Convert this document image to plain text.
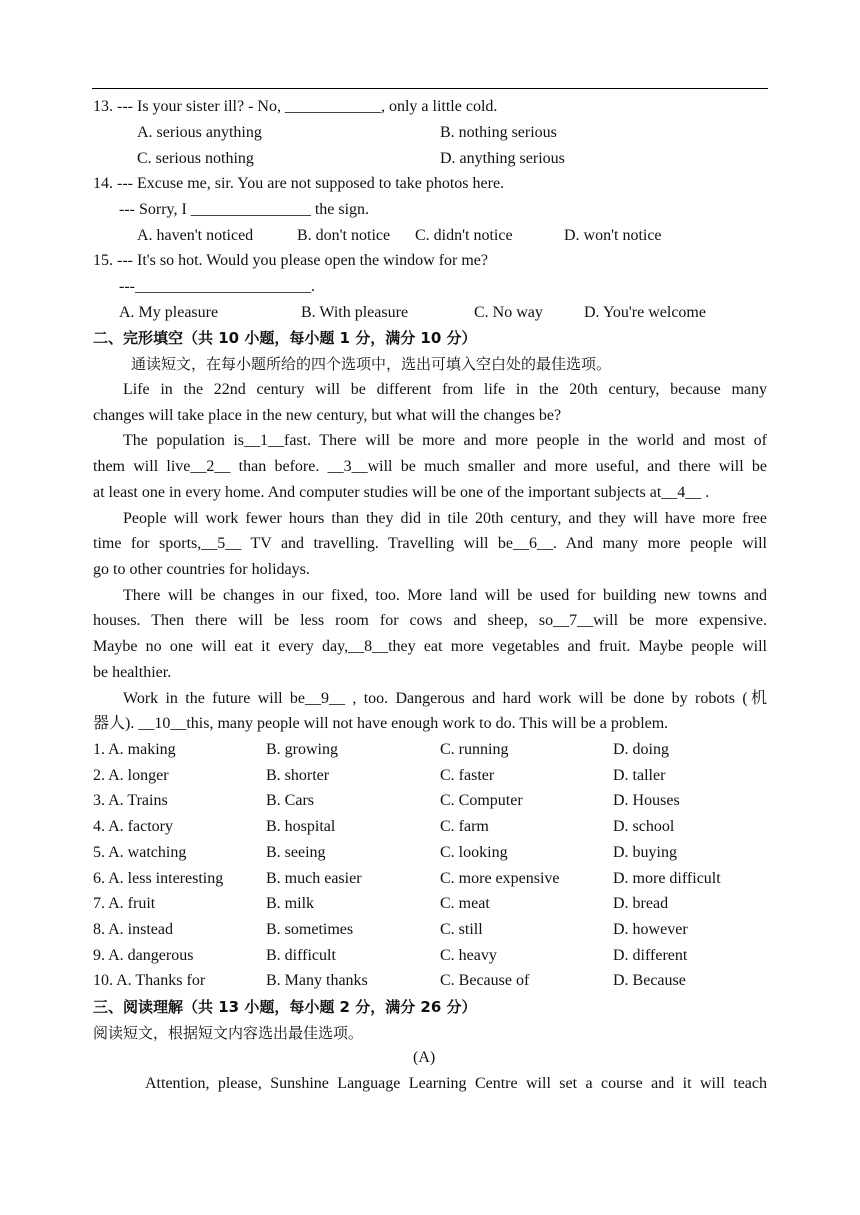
13. --- Is your sister ill? - No, ____________, only a little cold.
A. serious anything	B. nothing serious
C. serious nothing	D. anything serious
14. --- Excuse me, sir. You are not supposed to take photos here.
--- Sorry, I _______________ the sign.
A. haven't noticed	B. don't notice C. didn't notice	D. won't notice
15. --- It's so hot. Would you please open the window for me?
---______________________.
A. My pleasure	B. With pleasure	C. No way	D. You're welcome
二、完形填空（共 10 小题，每小题 1 分，满分 10 分）
通读短文，在每小题所给的四个选项中，选出可填入空白处的最佳选项。
Life in the 22nd century will be different from life in the 20th century, because many
changes will take place in the new century, but what will the changes be?
The population is__1__fast. There will be more and more people in the world and most of
them will live__2__ than before. __3__will be much smaller and more useful, and there will be
at least one in every home. And computer studies will be one of the important subjects at__4__ .
People will work fewer hours than they did in tile 20th century, and they will have more free
time for sports,__5__ TV and travelling. Travelling will be__6__. And many more people will
go to other countries for holidays.
There will be changes in our fixed, too. More land will be used for building new towns and
houses. Then there will be less room for cows and sheep, so__7__will be more expensive.
Maybe no one will eat it every day,__8__they eat more vegetables and fruit. Maybe people will
be healthier.
Work in the future will be__9__ , too. Dangerous and hard work will be done by robots (机
器人). __10__this, many people will not have enough work to do. This will be a problem.
1. A. making	B. growing	C. running	D. doing
2. A. longer	B. shorter	C. faster	D. taller
3. A. Trains	B. Cars	C. Computer	D. Houses
4. A. factory	B. hospital	C. farm	D. school
5. A. watching	B. seeing	C. looking	D. buying
6. A. less interesting	B. much easier	C. more expensive	D. more difficult
7. A. fruit	B. milk	C. meat	D. bread
8. A. instead	B. sometimes	C. still	D. however
9. A. dangerous	B. difficult	C. heavy	D. different
10. A. Thanks for	B. Many thanks	C. Because of	D. Because
三、阅读理解（共 13 小题，每小题 2 分，满分 26 分）
阅读短文，根据短文内容选出最佳选项。
(A)
Attention, please, Sunshine Language Learning Centre will set a course and it will teach
